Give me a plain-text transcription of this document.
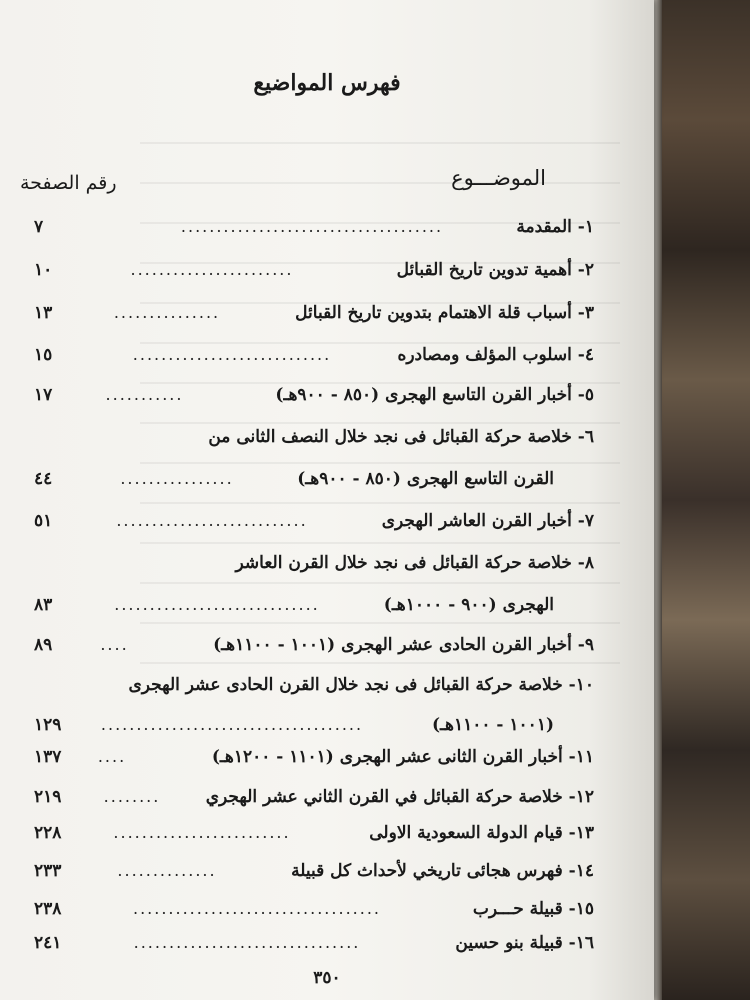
فهرس المواضيع
الموضـــوع
رقم الصفحة
١- المقدمة
.....................................
٧
٢- أهمية تدوين تاريخ القبائل
.......................
١٠
٣- أسباب قلة الاهتمام بتدوين تاريخ القبائل
...............
١٣
٤- اسلوب المؤلف ومصادره
............................
١٥
٥- أخبار القرن التاسع الهجرى (٨٥٠ - ٩٠٠هـ)
...........
١٧
٦- خلاصة حركة القبائل فى نجد خلال النصف الثانى من
القرن التاسع الهجرى (٨٥٠ - ٩٠٠هـ)
................
٤٤
٧- أخبار القرن العاشر الهجرى
...........................
٥١
٨- خلاصة حركة القبائل فى نجد خلال القرن العاشر
الهجرى (٩٠٠ - ١٠٠٠هـ)
.............................
٨٣
٩- أخبار القرن الحادى عشر الهجرى (١٠٠١ - ١١٠٠هـ)
....
٨٩
١٠- خلاصة حركة القبائل فى نجد خلال القرن الحادى عشر الهجرى
(١٠٠١ - ١١٠٠هـ)
.....................................
١٢٩
١١- أخبار القرن الثانى عشر الهجرى (١١٠١ - ١٢٠٠هـ)
....
١٣٧
١٢- خلاصة حركة القبائل في القرن الثاني عشر الهجري
........
٢١٩
١٣- قيام الدولة السعودية الاولى
.........................
٢٢٨
١٤- فهرس هجائى تاريخي لأحداث كل قبيلة
..............
٢٣٣
١٥- قبيلة حـــرب
...................................
٢٣٨
١٦- قبيلة بنو حسين
................................
٢٤١
٣٥٠
